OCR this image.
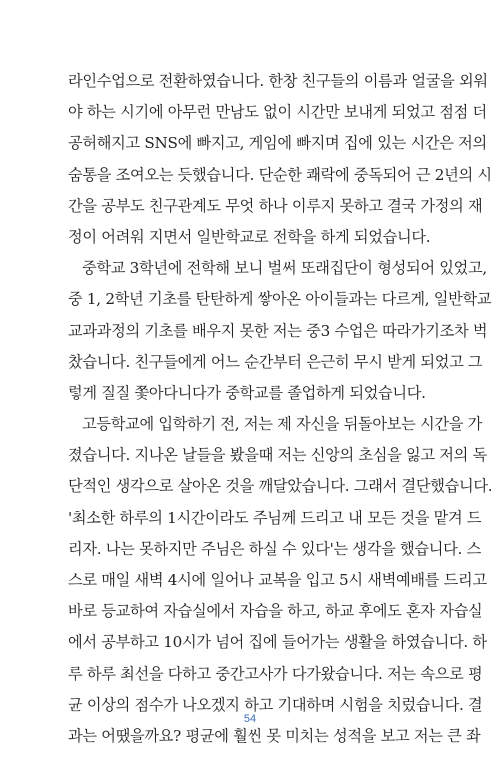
라인수업으로 전환하였습니다. 한창 친구들의 이름과 얼굴을 외워
야 하는 시기에 아무런 만남도 없이 시간만 보내게 되었고 점점 더
공허해지고 SNS에 빠지고, 게임에 빠지며 집에 있는 시간은 저의
숨통을 조여오는 듯했습니다. 단순한 쾌락에 중독되어 근 2년의 시
간을 공부도 친구관계도 무엇 하나 이루지 못하고 결국 가정의 재
정이 어려워 지면서 일반학교로 전학을 하게 되었습니다.
중학교 3학년에 전학해 보니 벌써 또래집단이 형성되어 있었고,
중 1, 2학년 기초를 탄탄하게 쌓아온 아이들과는 다르게, 일반학교
교과과정의 기초를 배우지 못한 저는 중3 수업은 따라가기조차 벅
찼습니다. 친구들에게 어느 순간부터 은근히 무시 받게 되었고 그
렇게 질질 쫓아다니다가 중학교를 졸업하게 되었습니다.
고등학교에 입학하기 전, 저는 제 자신을 뒤돌아보는 시간을 가
졌습니다. 지나온 날들을 봤을때 저는 신앙의 초심을 잃고 저의 독
단적인 생각으로 살아온 것을 깨달았습니다. 그래서 결단했습니다.
'최소한 하루의 1시간이라도 주님께 드리고 내 모든 것을 맡겨 드
리자. 나는 못하지만 주님은 하실 수 있다'는 생각을 했습니다. 스
스로 매일 새벽 4시에 일어나 교복을 입고 5시 새벽예배를 드리고
바로 등교하여 자습실에서 자습을 하고, 하교 후에도 혼자 자습실
에서 공부하고 10시가 넘어 집에 들어가는 생활을 하였습니다. 하
루 하루 최선을 다하고 중간고사가 다가왔습니다. 저는 속으로 평
균 이상의 점수가 나오겠지 하고 기대하며 시험을 치렀습니다. 결
과는 어땠을까요? 평균에 훨씬 못 미치는 성적을 보고 저는 큰 좌
54
